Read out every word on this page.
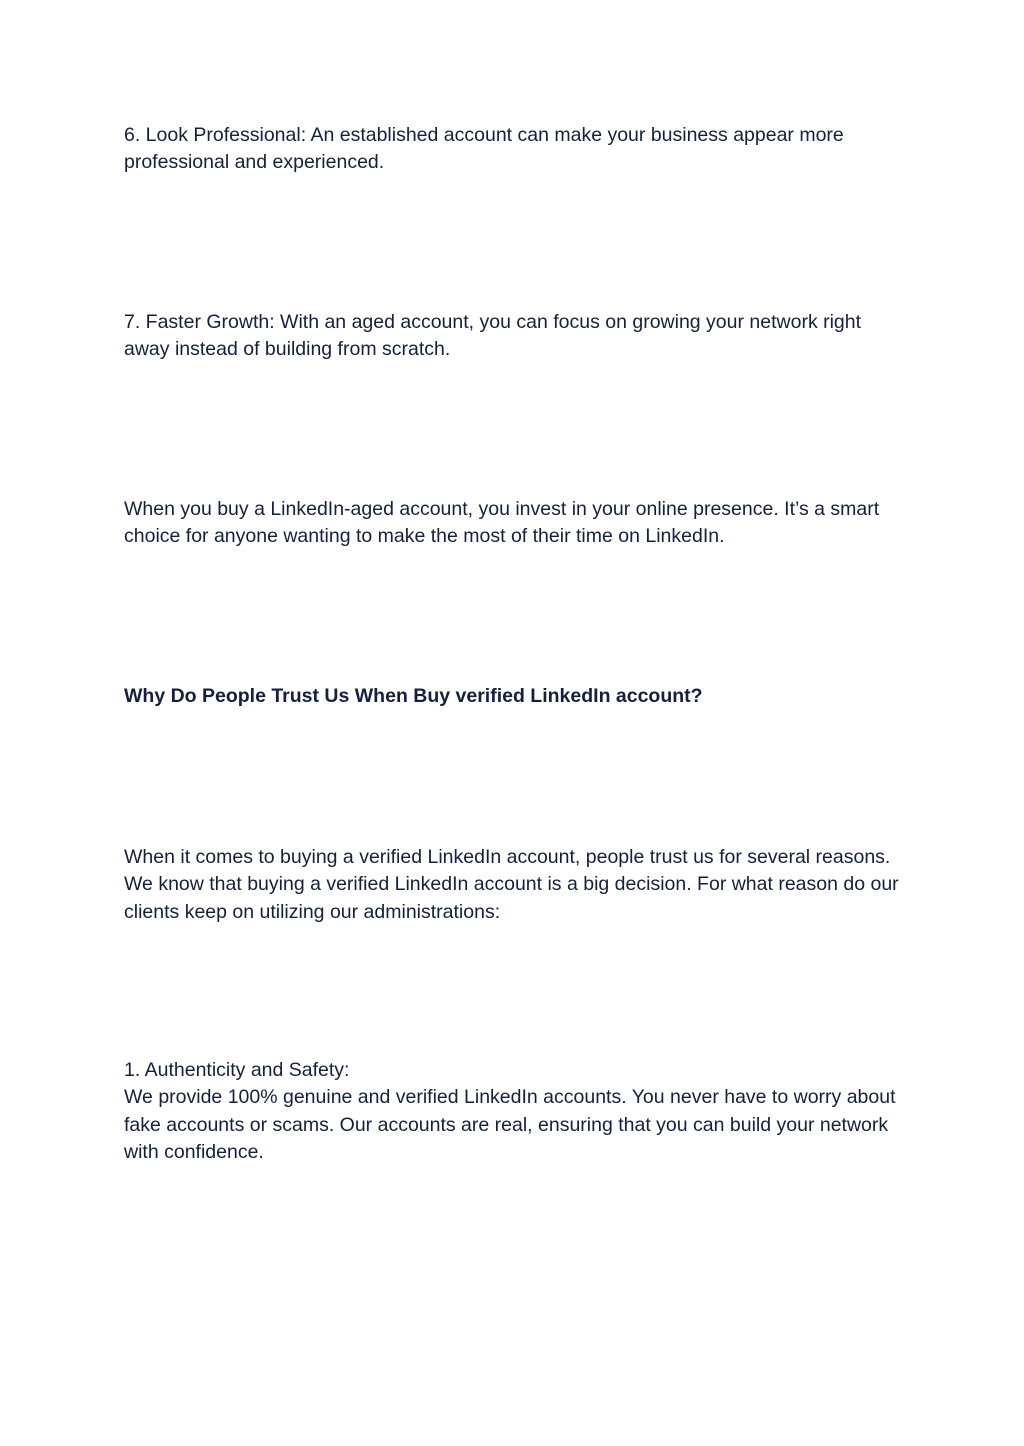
6. Look Professional: An established account can make your business appear more professional and experienced.

7. Faster Growth: With an aged account, you can focus on growing your network right away instead of building from scratch.

When you buy a LinkedIn-aged account, you invest in your online presence. It’s a smart choice for anyone wanting to make the most of their time on LinkedIn.

Why Do People Trust Us When Buy verified LinkedIn account?

When it comes to buying a verified LinkedIn account, people trust us for several reasons. We know that buying a verified LinkedIn account is a big decision. For what reason do our clients keep on utilizing our administrations:

1. Authenticity and Safety:

We provide 100% genuine and verified LinkedIn accounts. You never have to worry about fake accounts or scams. Our accounts are real, ensuring that you can build your network with confidence.
